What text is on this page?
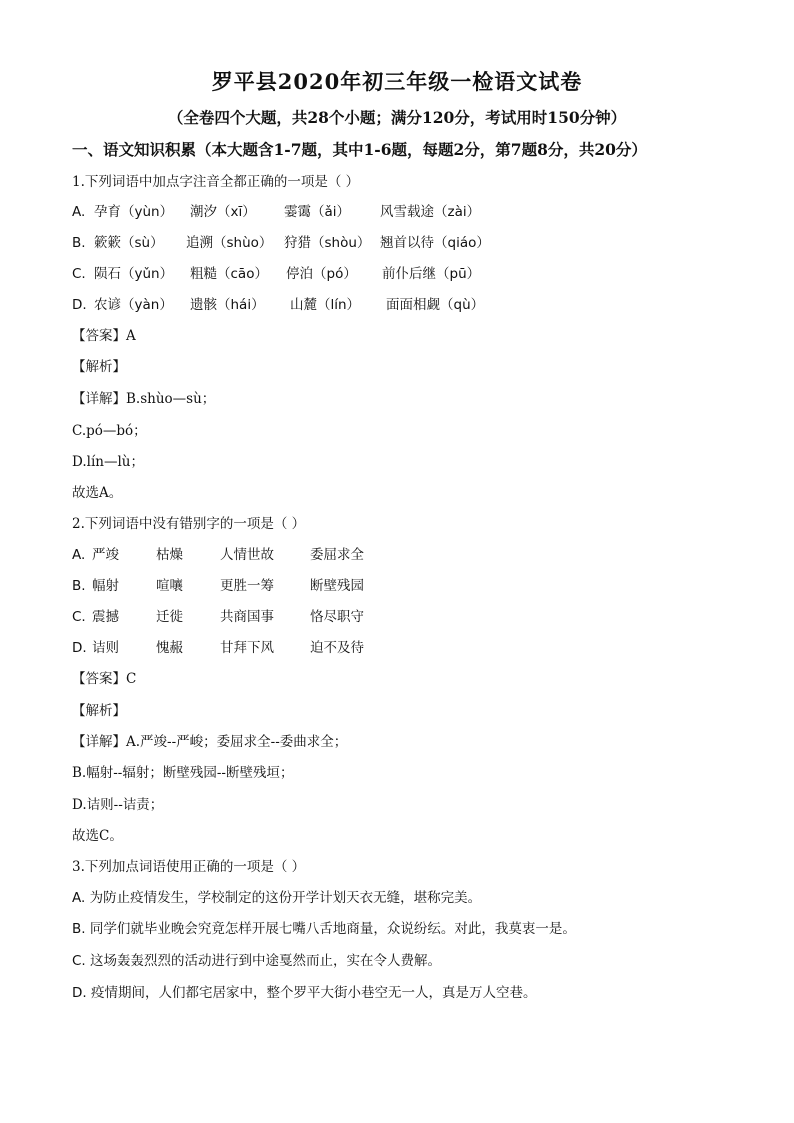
罗平县2020年初三年级一检语文试卷
（全卷四个大题，共28个小题；满分120分，考试用时150分钟）
一、语文知识积累（本大题含1-7题，其中1-6题，每题2分，第7题8分，共20分）
1.下列词语中加点字注音全都正确的一项是（ ）
A. 孕育（yùn） 潮汐（xī） 霎霭（ǎi） 风雪载途（zài）
B. 簌簌（sù） 追溯（shùo） 狩猎（shòu） 翘首以待（qiáo）
C. 陨石（yǔn） 粗糙（cāo） 停泊（pó） 前仆后继（pū）
D. 农谚（yàn） 遗骸（hái） 山麓（lín） 面面相觑（qù）
【答案】A
【解析】
【详解】B.shùo—sù；
C.pó—bó；
D.lín—lù；
故选A。
2.下列词语中没有错别字的一项是（ ）
A. 严竣	枯燥	人情世故	委屈求全
B. 幅射	喧嚷	更胜一筹	断壁残园
C. 震撼	迁徙	共商国事	恪尽职守
D. 诘则	愧赧	甘拜下风	迫不及待
【答案】C
【解析】
【详解】A.严竣--严峻；委屈求全--委曲求全；
B.幅射--辐射；断壁残园--断壁残垣；
D.诘则--诘责；
故选C。
3.下列加点词语使用正确的一项是（ ）
A. 为防止疫情发生，学校制定的这份开学计划天衣无缝，堪称完美。
B. 同学们就毕业晚会究竟怎样开展七嘴八舌地商量，众说纷纭。对此，我莫衷一是。
C. 这场轰轰烈烈的活动进行到中途戛然而止，实在令人费解。
D. 疫情期间，人们都宅居家中，整个罗平大街小巷空无一人，真是万人空巷。
